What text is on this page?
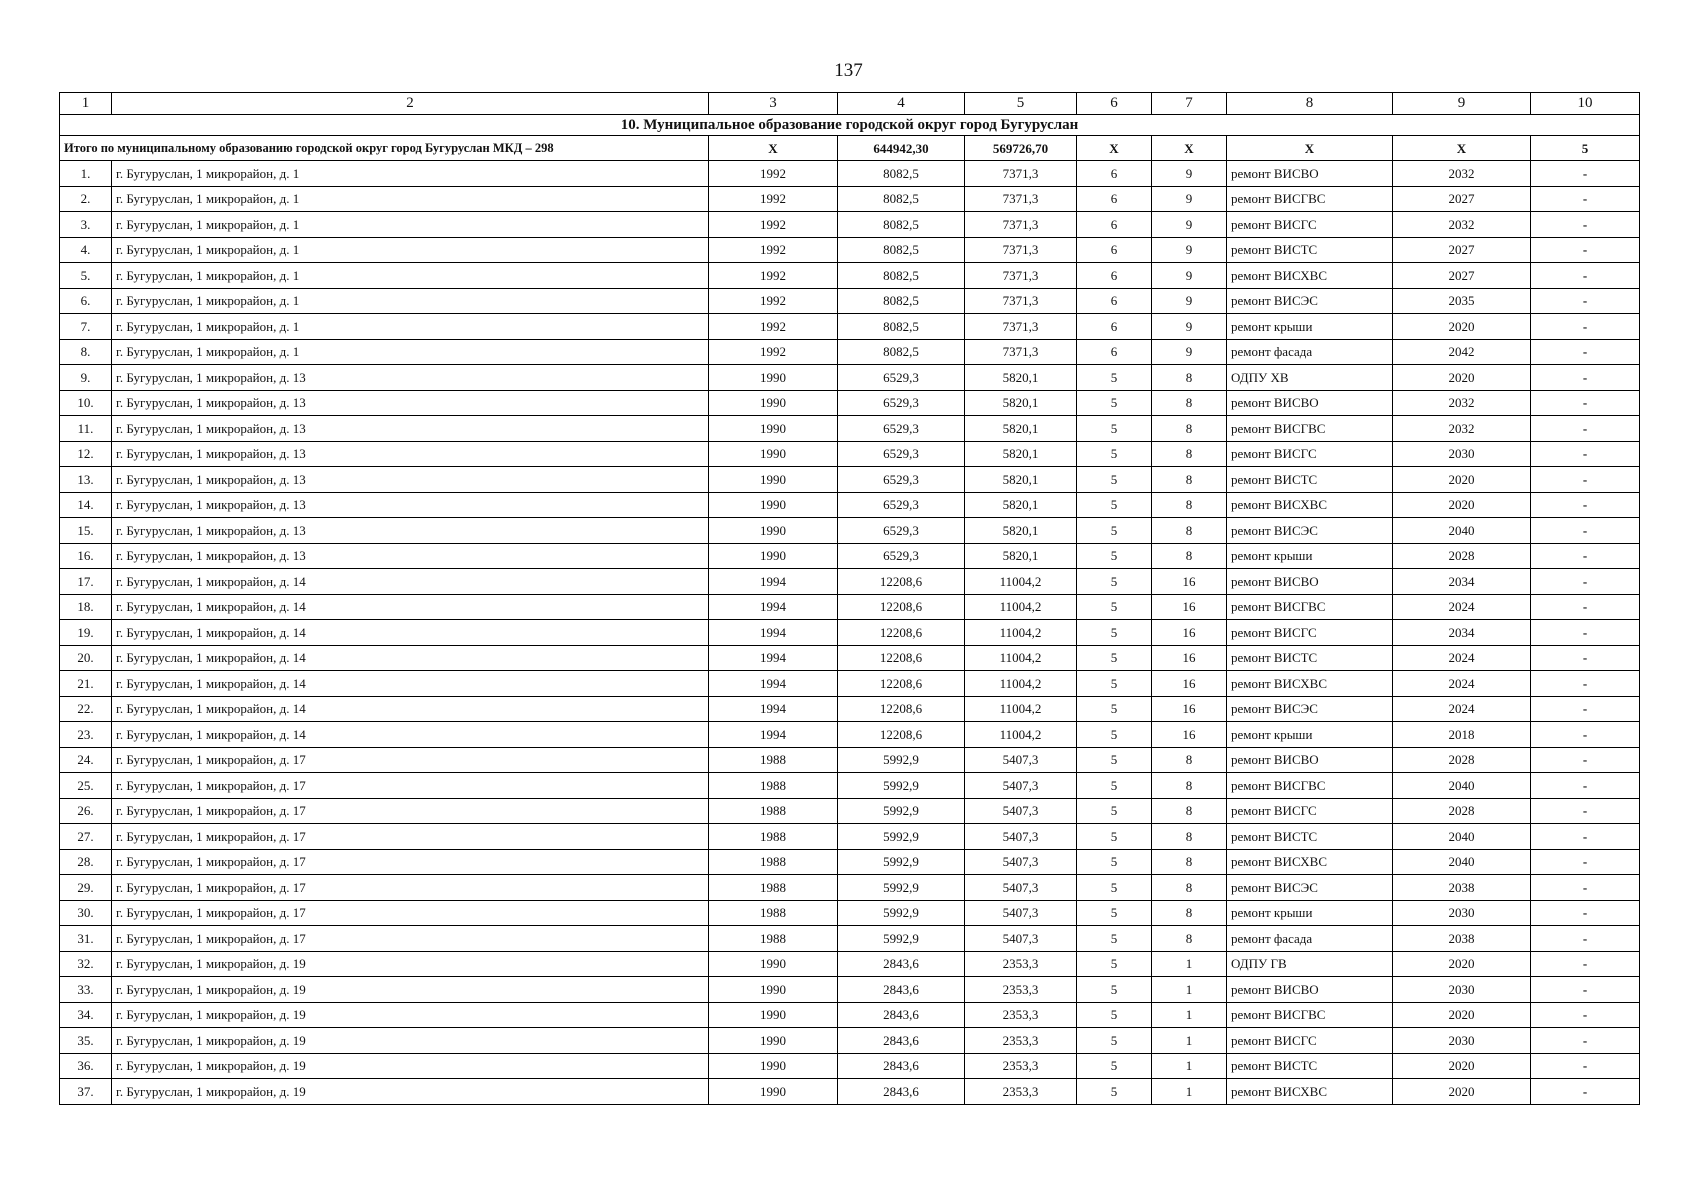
137
1	2	3	4	5	6	7	8	9	10
10. Муниципальное образование городской округ город Бугуруслан									
Итого по муниципальному образованию городской округ город Бугуруслан МКД – 298		X	644942,30	569726,70	X	X	X	X	5
1.	г. Бугуруслан, 1 микрорайон, д. 1	1992	8082,5	7371,3	6	9	ремонт ВИСВО	2032	-
2.	г. Бугуруслан, 1 микрорайон, д. 1	1992	8082,5	7371,3	6	9	ремонт ВИСГВС	2027	-
3.	г. Бугуруслан, 1 микрорайон, д. 1	1992	8082,5	7371,3	6	9	ремонт ВИСГС	2032	-
4.	г. Бугуруслан, 1 микрорайон, д. 1	1992	8082,5	7371,3	6	9	ремонт ВИСТС	2027	-
5.	г. Бугуруслан, 1 микрорайон, д. 1	1992	8082,5	7371,3	6	9	ремонт ВИСХВС	2027	-
6.	г. Бугуруслан, 1 микрорайон, д. 1	1992	8082,5	7371,3	6	9	ремонт ВИСЭС	2035	-
7.	г. Бугуруслан, 1 микрорайон, д. 1	1992	8082,5	7371,3	6	9	ремонт крыши	2020	-
8.	г. Бугуруслан, 1 микрорайон, д. 1	1992	8082,5	7371,3	6	9	ремонт фасада	2042	-
9.	г. Бугуруслан, 1 микрорайон, д. 13	1990	6529,3	5820,1	5	8	ОДПУ ХВ	2020	-
10.	г. Бугуруслан, 1 микрорайон, д. 13	1990	6529,3	5820,1	5	8	ремонт ВИСВО	2032	-
11.	г. Бугуруслан, 1 микрорайон, д. 13	1990	6529,3	5820,1	5	8	ремонт ВИСГВС	2032	-
12.	г. Бугуруслан, 1 микрорайон, д. 13	1990	6529,3	5820,1	5	8	ремонт ВИСГС	2030	-
13.	г. Бугуруслан, 1 микрорайон, д. 13	1990	6529,3	5820,1	5	8	ремонт ВИСТС	2020	-
14.	г. Бугуруслан, 1 микрорайон, д. 13	1990	6529,3	5820,1	5	8	ремонт ВИСХВС	2020	-
15.	г. Бугуруслан, 1 микрорайон, д. 13	1990	6529,3	5820,1	5	8	ремонт ВИСЭС	2040	-
16.	г. Бугуруслан, 1 микрорайон, д. 13	1990	6529,3	5820,1	5	8	ремонт крыши	2028	-
17.	г. Бугуруслан, 1 микрорайон, д. 14	1994	12208,6	11004,2	5	16	ремонт ВИСВО	2034	-
18.	г. Бугуруслан, 1 микрорайон, д. 14	1994	12208,6	11004,2	5	16	ремонт ВИСГВС	2024	-
19.	г. Бугуруслан, 1 микрорайон, д. 14	1994	12208,6	11004,2	5	16	ремонт ВИСГС	2034	-
20.	г. Бугуруслан, 1 микрорайон, д. 14	1994	12208,6	11004,2	5	16	ремонт ВИСТС	2024	-
21.	г. Бугуруслан, 1 микрорайон, д. 14	1994	12208,6	11004,2	5	16	ремонт ВИСХВС	2024	-
22.	г. Бугуруслан, 1 микрорайон, д. 14	1994	12208,6	11004,2	5	16	ремонт ВИСЭС	2024	-
23.	г. Бугуруслан, 1 микрорайон, д. 14	1994	12208,6	11004,2	5	16	ремонт крыши	2018	-
24.	г. Бугуруслан, 1 микрорайон, д. 17	1988	5992,9	5407,3	5	8	ремонт ВИСВО	2028	-
25.	г. Бугуруслан, 1 микрорайон, д. 17	1988	5992,9	5407,3	5	8	ремонт ВИСГВС	2040	-
26.	г. Бугуруслан, 1 микрорайон, д. 17	1988	5992,9	5407,3	5	8	ремонт ВИСГС	2028	-
27.	г. Бугуруслан, 1 микрорайон, д. 17	1988	5992,9	5407,3	5	8	ремонт ВИСТС	2040	-
28.	г. Бугуруслан, 1 микрорайон, д. 17	1988	5992,9	5407,3	5	8	ремонт ВИСХВС	2040	-
29.	г. Бугуруслан, 1 микрорайон, д. 17	1988	5992,9	5407,3	5	8	ремонт ВИСЭС	2038	-
30.	г. Бугуруслан, 1 микрорайон, д. 17	1988	5992,9	5407,3	5	8	ремонт крыши	2030	-
31.	г. Бугуруслан, 1 микрорайон, д. 17	1988	5992,9	5407,3	5	8	ремонт фасада	2038	-
32.	г. Бугуруслан, 1 микрорайон, д. 19	1990	2843,6	2353,3	5	1	ОДПУ ГВ	2020	-
33.	г. Бугуруслан, 1 микрорайон, д. 19	1990	2843,6	2353,3	5	1	ремонт ВИСВО	2030	-
34.	г. Бугуруслан, 1 микрорайон, д. 19	1990	2843,6	2353,3	5	1	ремонт ВИСГВС	2020	-
35.	г. Бугуруслан, 1 микрорайон, д. 19	1990	2843,6	2353,3	5	1	ремонт ВИСГС	2030	-
36.	г. Бугуруслан, 1 микрорайон, д. 19	1990	2843,6	2353,3	5	1	ремонт ВИСТС	2020	-
37.	г. Бугуруслан, 1 микрорайон, д. 19	1990	2843,6	2353,3	5	1	ремонт ВИСХВС	2020	-
